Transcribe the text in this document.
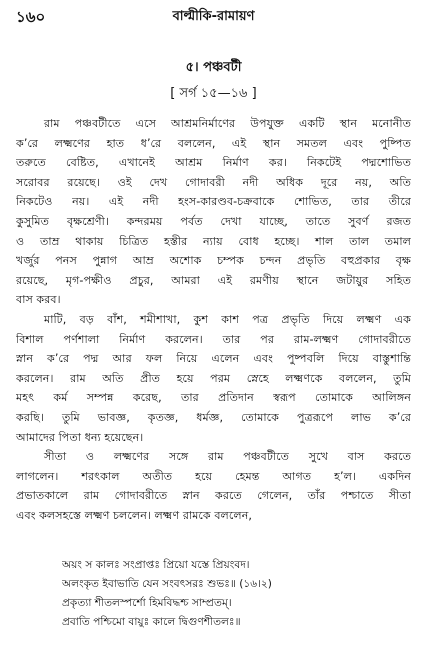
১৬০	বাল্মীকি-রামায়ণ
৫। পঞ্চবটী
[ সর্গ ১৫—১৬ ]
রাম পঞ্চবটীতে এসে আশ্রমনির্মাণের উপযুক্ত একটি স্থান মনোনীত
ক’রে লক্ষ্মণের হাত ধ’রে বললেন, এই স্থান সমতল এবং পুষ্পিত
তরুতে বেষ্টিত, এখানেই আশ্রম নির্মাণ কর। নিকটেই পদ্মশোভিত
সরোবর রয়েছে। ওই দেখ গোদাবরী নদী অধিক দূরে নয়, অতি
নিকটেও নয়। এই নদী হংস-কারণ্ডব-চক্রবাকে শোভিত, তার তীরে
কুসুমিত বৃক্ষশ্রেণী। কন্দরময় পর্বত দেখা যাচ্ছে, তাতে সুবর্ণ রজত
ও তাম্র থাকায় চিত্রিত হস্তীর ন্যায় বোধ হচ্ছে। শাল তাল তমাল
খর্জুর পনস পুন্নাগ আম্র অশোক চম্পক চন্দন প্রভৃতি বহুপ্রকার বৃক্ষ
রয়েছে, মৃগ-পক্ষীও প্রচুর, আমরা এই রমণীয় স্থানে জটায়ুর সহিত
বাস করব।
মাটি, বড় বাঁশ, শমীশাখা, কুশ কাশ পত্র প্রভৃতি দিয়ে লক্ষ্মণ এক
বিশাল পর্ণশালা নির্মাণ করলেন। তার পর রাম-লক্ষ্মণ গোদাবরীতে
স্নান ক’রে পদ্ম আর ফল নিয়ে এলেন এবং পুষ্পবলি দিয়ে বাস্তুশান্তি
করলেন। রাম অতি প্রীত হয়ে পরম স্নেহে লক্ষ্মণকে বললেন, তুমি
মহৎ কর্ম সম্পন্ন করেছ, তার প্রতিদান স্বরূপ তোমাকে আলিঙ্গন
করছি। তুমি ভাবজ্ঞ, কৃতজ্ঞ, ধর্মজ্ঞ, তোমাকে পুত্ররূপে লাভ ক’রে
আমাদের পিতা ধন্য হয়েছেন।
সীতা ও লক্ষ্মণের সঙ্গে রাম পঞ্চবটীতে সুখে বাস করতে
লাগলেন। শরৎকাল অতীত হয়ে হেমন্ত আগত হ’ল। একদিন
প্রভাতকালে রাম গোদাবরীতে স্নান করতে গেলেন, তাঁর পশ্চাতে সীতা
এবং কলসহস্তে লক্ষ্মণ চললেন। লক্ষ্মণ রামকে বললেন,
অয়ং স কালঃ সংপ্রাপ্তঃ প্রিয়ো যস্তে প্রিয়ংবদ।
অলংকৃত ইবাভাতি যেন সংবৎসরঃ শুভঃ॥ (১৬।২)
প্রকৃত্যা শীতলস্পর্শো হিমবিদ্ধশ্চ সাম্প্রতম্।
প্রবাতি পশ্চিমো বায়ুঃ কালে দ্বিগুণশীতলঃ॥
